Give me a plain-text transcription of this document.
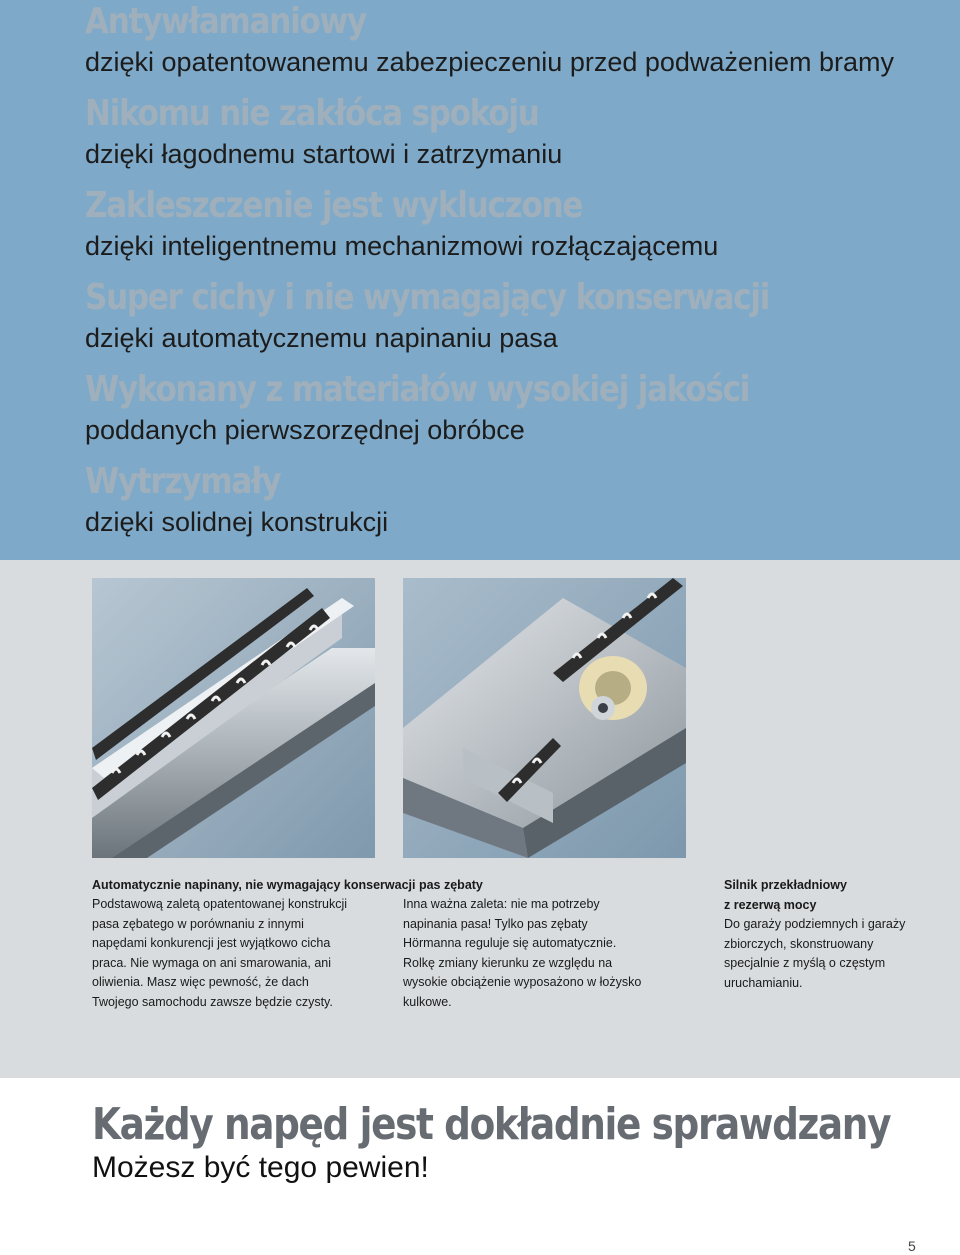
Antywłamaniowy
dzięki opatentowanemu zabezpieczeniu przed podważeniem bramy
Nikomu nie zakłóca spokoju
dzięki łagodnemu startowi i zatrzymaniu
Zakleszczenie jest wykluczone
dzięki inteligentnemu mechanizmowi rozłączającemu
Super cichy i nie wymagający konserwacji
dzięki automatycznemu napinaniu pasa
Wykonany z materiałów wysokiej jakości
poddanych pierwszorzędnej obróbce
Wytrzymały
dzięki solidnej konstrukcji
Automatycznie napinany, nie wymagający konserwacji pas zębaty
Podstawową zaletą opatentowanej konstrukcji
pasa zębatego w porównaniu z innymi
napędami konkurencji jest wyjątkowo cicha
praca. Nie wymaga on ani smarowania, ani
oliwienia. Masz więc pewność, że dach
Twojego samochodu zawsze będzie czysty.
Inna ważna zaleta: nie ma potrzeby
napinania pasa! Tylko pas zębaty
Hörmanna reguluje się automatycznie.
Rolkę zmiany kierunku ze względu na
wysokie obciążenie wyposażono w łożysko
kulkowe.
Silnik przekładniowy
z rezerwą mocy
Do garaży podziemnych i garaży
zbiorczych, skonstruowany
specjalnie z myślą o częstym
uruchamianiu.
Każdy napęd jest dokładnie sprawdzany
Możesz być tego pewien!
5
